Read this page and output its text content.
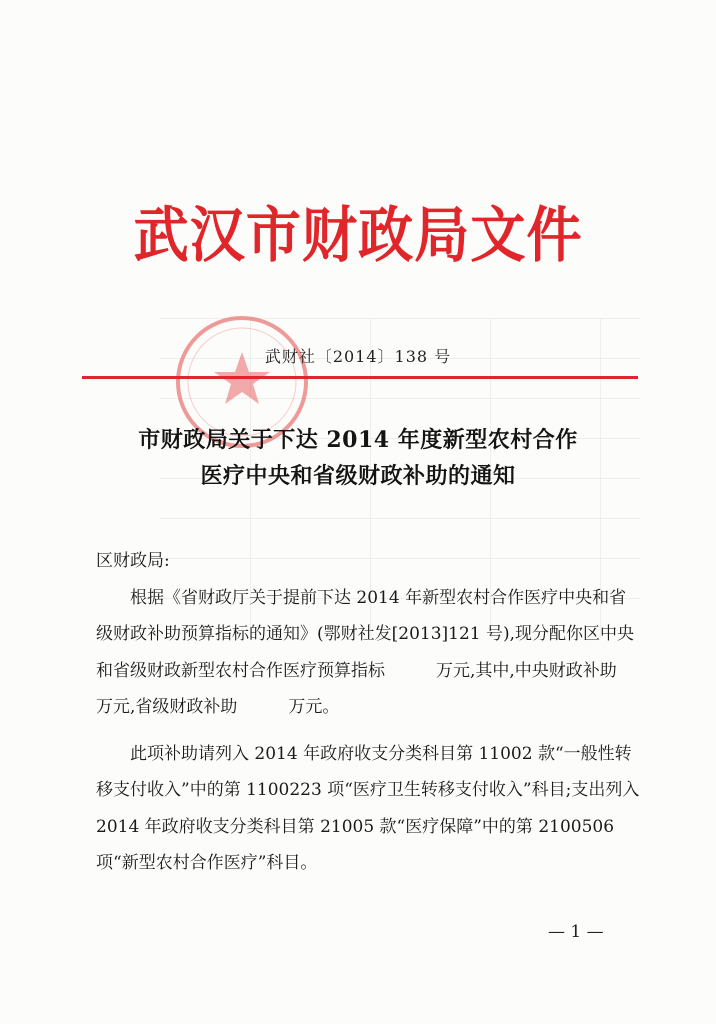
武汉市财政局文件
武财社〔2014〕138 号
市财政局关于下达 2014 年度新型农村合作
医疗中央和省级财政补助的通知

区财政局:

根据《省财政厅关于提前下达 2014 年新型农村合作医疗中央和省级财政补助预算指标的通知》(鄂财社发[2013]121 号),现分配你区中央和省级财政新型农村合作医疗预算指标　　　万元,其中,中央财政补助　　　万元,省级财政补助　　　万元。

此项补助请列入 2014 年政府收支分类科目第 11002 款“一般性转移支付收入”中的第 1100223 项“医疗卫生转移支付收入”科目;支出列入 2014 年政府收支分类科目第 21005 款“医疗保障”中的第 2100506 项“新型农村合作医疗”科目。

— 1 —
